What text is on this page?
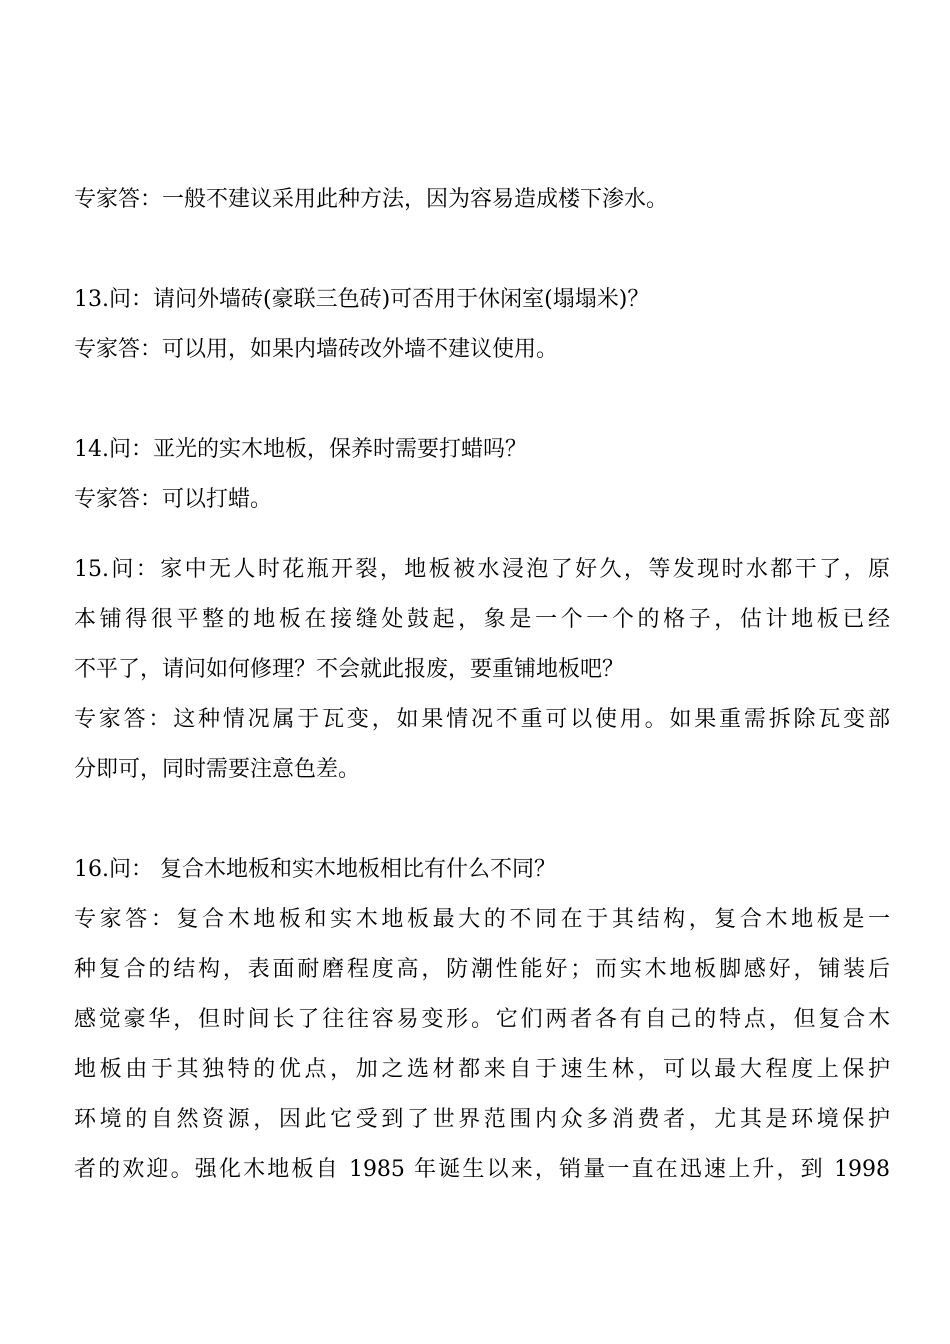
专家答：一般不建议采用此种方法，因为容易造成楼下渗水。
13.问：请问外墙砖(豪联三色砖)可否用于休闲室(塌塌米)？
专家答：可以用，如果内墙砖改外墙不建议使用。
14.问：亚光的实木地板，保养时需要打蜡吗？
专家答：可以打蜡。
15.问：家中无人时花瓶开裂，地板被水浸泡了好久，等发现时水都干了，原
本铺得很平整的地板在接缝处鼓起，象是一个一个的格子，估计地板已经
不平了，请问如何修理？不会就此报废，要重铺地板吧？
专家答：这种情况属于瓦变，如果情况不重可以使用。如果重需拆除瓦变部
分即可，同时需要注意色差。
16.问： 复合木地板和实木地板相比有什么不同？
专家答：复合木地板和实木地板最大的不同在于其结构，复合木地板是一
种复合的结构，表面耐磨程度高，防潮性能好；而实木地板脚感好，铺装后
感觉豪华，但时间长了往往容易变形。它们两者各有自己的特点，但复合木
地板由于其独特的优点，加之选材都来自于速生林，可以最大程度上保护
环境的自然资源，因此它受到了世界范围内众多消费者，尤其是环境保护
者的欢迎。强化木地板自 1985 年诞生以来，销量一直在迅速上升，到 1998
